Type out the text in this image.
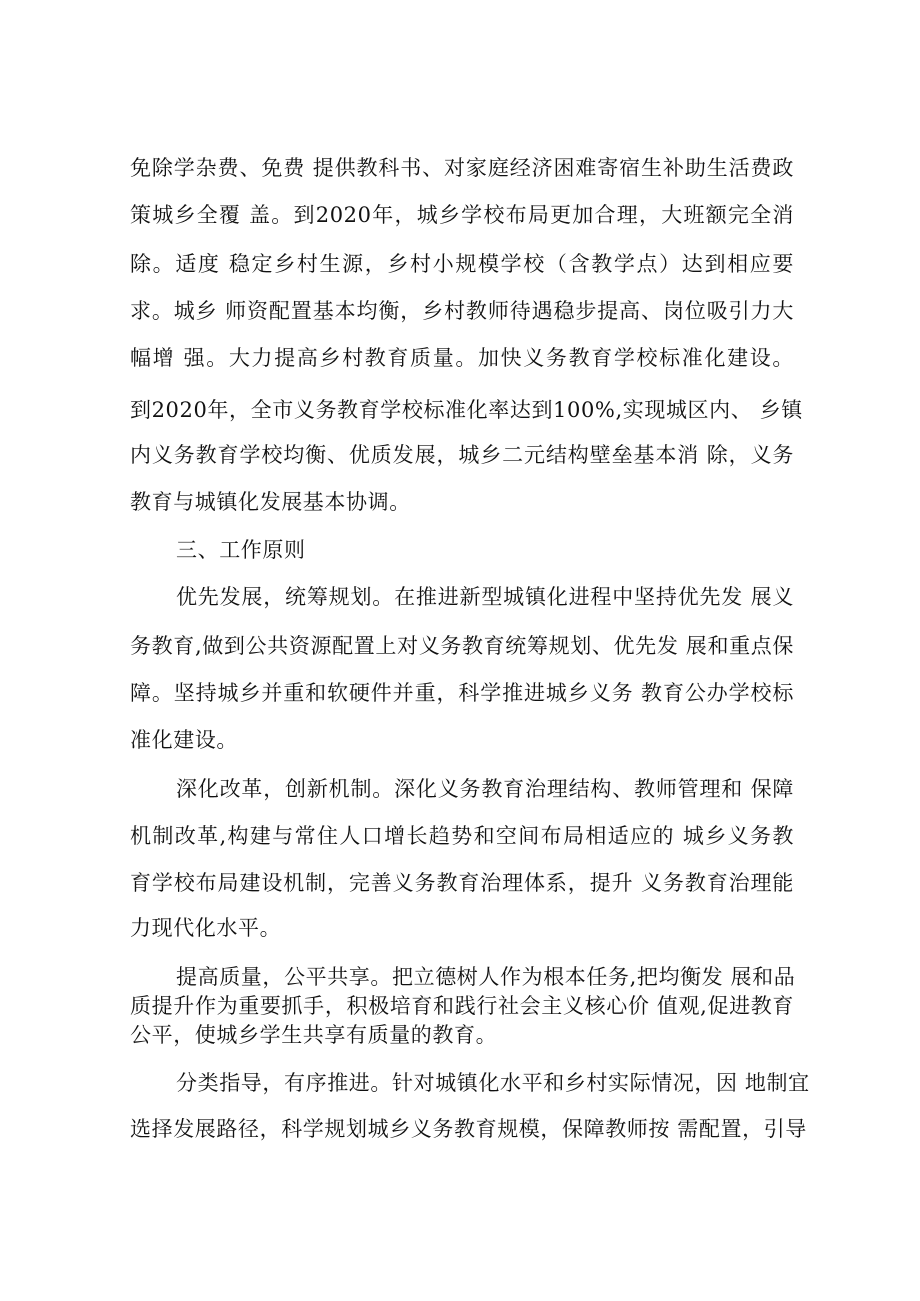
免除学杂费、免费 提供教科书、对家庭经济困难寄宿生补助生活费政
策城乡全覆 盖。到2020年，城乡学校布局更加合理，大班额完全消
除。适度 稳定乡村生源，乡村小规模学校（含教学点）达到相应要
求。城乡 师资配置基本均衡，乡村教师待遇稳步提高、岗位吸引力大
幅增 强。大力提高乡村教育质量。加快义务教育学校标准化建设。
到2020年，全市义务教育学校标准化率达到100%,实现城区内、 乡镇
内义务教育学校均衡、优质发展，城乡二元结构壁垒基本消 除，义务
教育与城镇化发展基本协调。
三、工作原则
优先发展，统筹规划。在推进新型城镇化进程中坚持优先发 展义
务教育,做到公共资源配置上对义务教育统筹规划、优先发 展和重点保
障。坚持城乡并重和软硬件并重，科学推进城乡义务 教育公办学校标
准化建设。
深化改革，创新机制。深化义务教育治理结构、教师管理和 保障
机制改革,构建与常住人口增长趋势和空间布局相适应的 城乡义务教
育学校布局建设机制，完善义务教育治理体系，提升 义务教育治理能
力现代化水平。
提高质量，公平共享。把立德树人作为根本任务,把均衡发 展和品
质提升作为重要抓手，积极培育和践行社会主义核心价 值观,促进教育
公平，使城乡学生共享有质量的教育。
分类指导，有序推进。针对城镇化水平和乡村实际情况，因 地制宜
选择发展路径，科学规划城乡义务教育规模，保障教师按 需配置，引导
